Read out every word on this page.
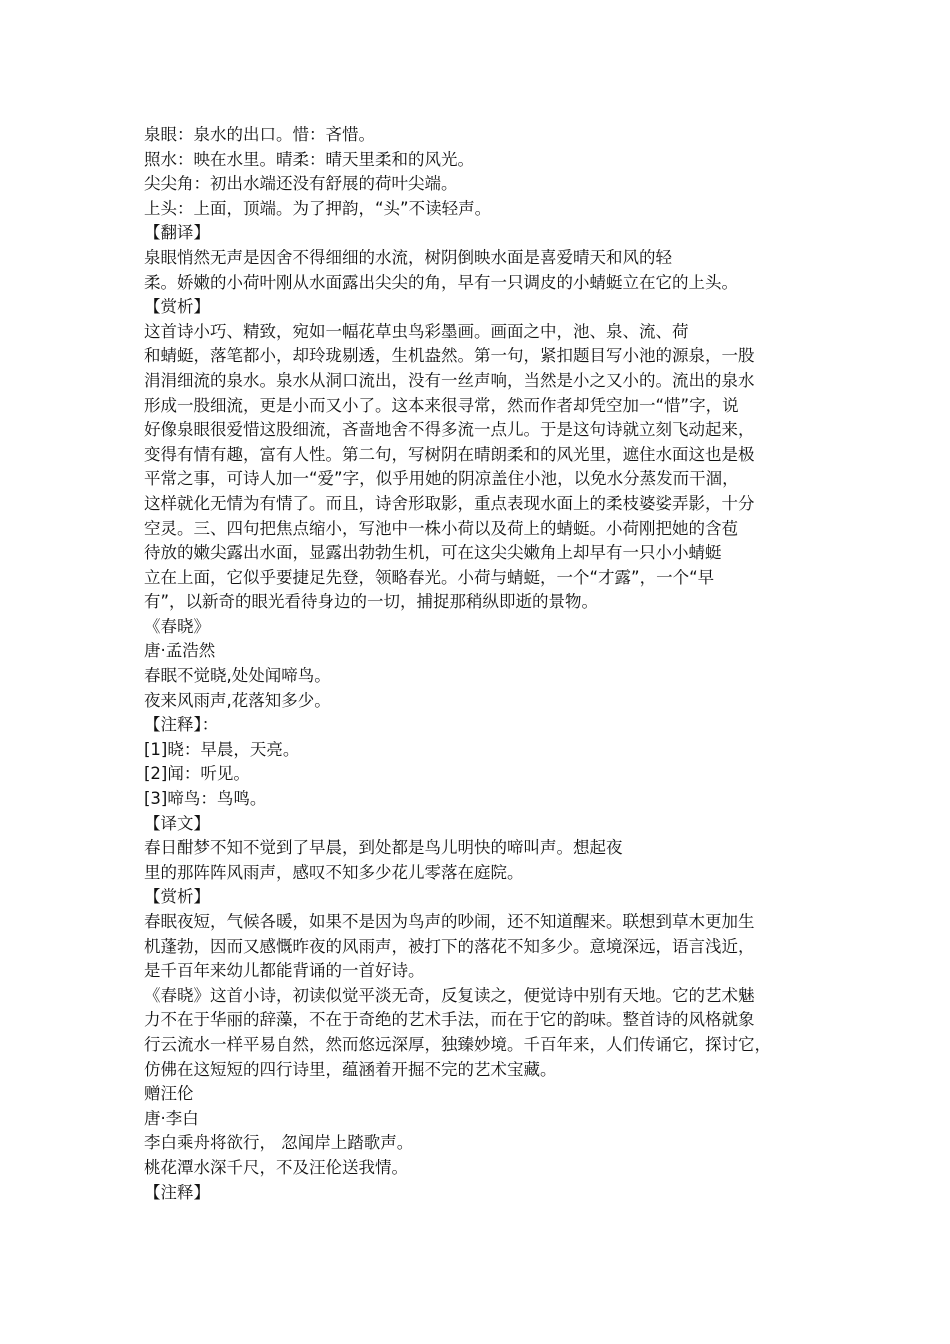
泉眼：泉水的出口。惜：吝惜。
照水：映在水里。晴柔：晴天里柔和的风光。
尖尖角：初出水端还没有舒展的荷叶尖端。
上头：上面，顶端。为了押韵，“头”不读轻声。
【翻译】
泉眼悄然无声是因舍不得细细的水流，树阴倒映水面是喜爱晴天和风的轻
柔。娇嫩的小荷叶刚从水面露出尖尖的角，早有一只调皮的小蜻蜓立在它的上头。
【赏析】
这首诗小巧、精致，宛如一幅花草虫鸟彩墨画。画面之中，池、泉、流、荷
和蜻蜓，落笔都小，却玲珑剔透，生机盎然。第一句，紧扣题目写小池的源泉，一股
涓涓细流的泉水。泉水从洞口流出，没有一丝声响，当然是小之又小的。流出的泉水
形成一股细流，更是小而又小了。这本来很寻常，然而作者却凭空加一“惜”字，说
好像泉眼很爱惜这股细流，吝啬地舍不得多流一点儿。于是这句诗就立刻飞动起来，
变得有情有趣，富有人性。第二句，写树阴在晴朗柔和的风光里，遮住水面这也是极
平常之事，可诗人加一“爱”字，似乎用她的阴凉盖住小池，以免水分蒸发而干涸，
这样就化无情为有情了。而且，诗舍形取影，重点表现水面上的柔枝婆娑弄影，十分
空灵。三、四句把焦点缩小，写池中一株小荷以及荷上的蜻蜓。小荷刚把她的含苞
待放的嫩尖露出水面，显露出勃勃生机，可在这尖尖嫩角上却早有一只小小蜻蜓
立在上面，它似乎要捷足先登，领略春光。小荷与蜻蜓，一个“才露”，一个“早
有”，以新奇的眼光看待身边的一切，捕捉那稍纵即逝的景物。
《春晓》
唐·孟浩然
春眠不觉晓,处处闻啼鸟。
夜来风雨声,花落知多少。
【注释】：
[1]晓：早晨，天亮。
[2]闻：听见。
[3]啼鸟：鸟鸣。
【译文】
春日酣梦不知不觉到了早晨，到处都是鸟儿明快的啼叫声。想起夜
里的那阵阵风雨声，感叹不知多少花儿零落在庭院。
【赏析】
春眠夜短，气候各暖，如果不是因为鸟声的吵闹，还不知道醒来。联想到草木更加生
机蓬勃，因而又感慨昨夜的风雨声，被打下的落花不知多少。意境深远，语言浅近，
是千百年来幼儿都能背诵的一首好诗。
《春晓》这首小诗，初读似觉平淡无奇，反复读之，便觉诗中别有天地。它的艺术魅
力不在于华丽的辞藻，不在于奇绝的艺术手法，而在于它的韵味。整首诗的风格就象
行云流水一样平易自然，然而悠远深厚，独臻妙境。千百年来，人们传诵它，探讨它，
仿佛在这短短的四行诗里，蕴涵着开掘不完的艺术宝藏。
赠汪伦
唐·李白
李白乘舟将欲行， 忽闻岸上踏歌声。
桃花潭水深千尺，不及汪伦送我情。
【注释】
